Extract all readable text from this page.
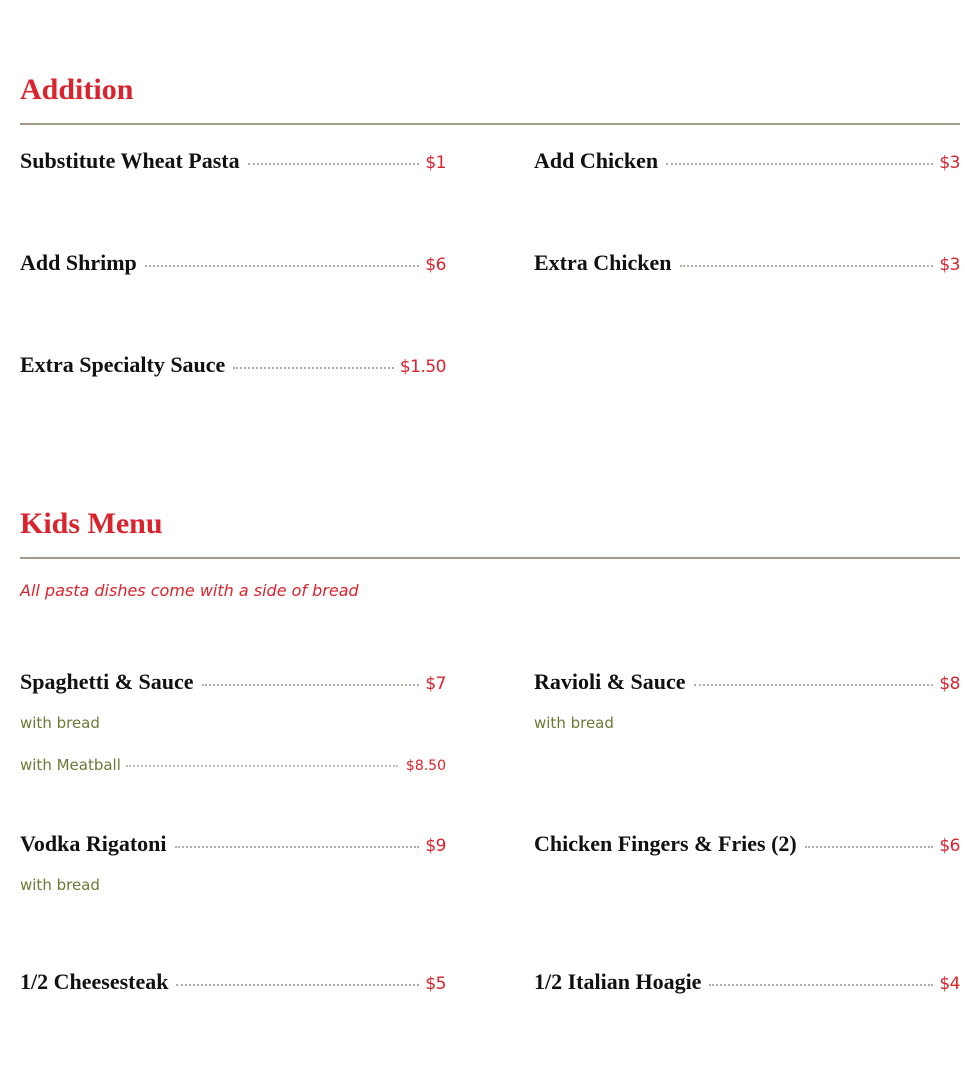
Addition
Substitute Wheat Pasta	$1	Add Chicken	$3
Add Shrimp	$6	Extra Chicken	$3
Extra Specialty Sauce	$1.50
Kids Menu
All pasta dishes come with a side of bread
Spaghetti & Sauce	$7
with bread
with Meatball	$8.50
Ravioli & Sauce	$8
with bread
Vodka Rigatoni	$9
with bread
Chicken Fingers & Fries (2)	$6
1/2 Cheesesteak	$5	1/2 Italian Hoagie	$4
